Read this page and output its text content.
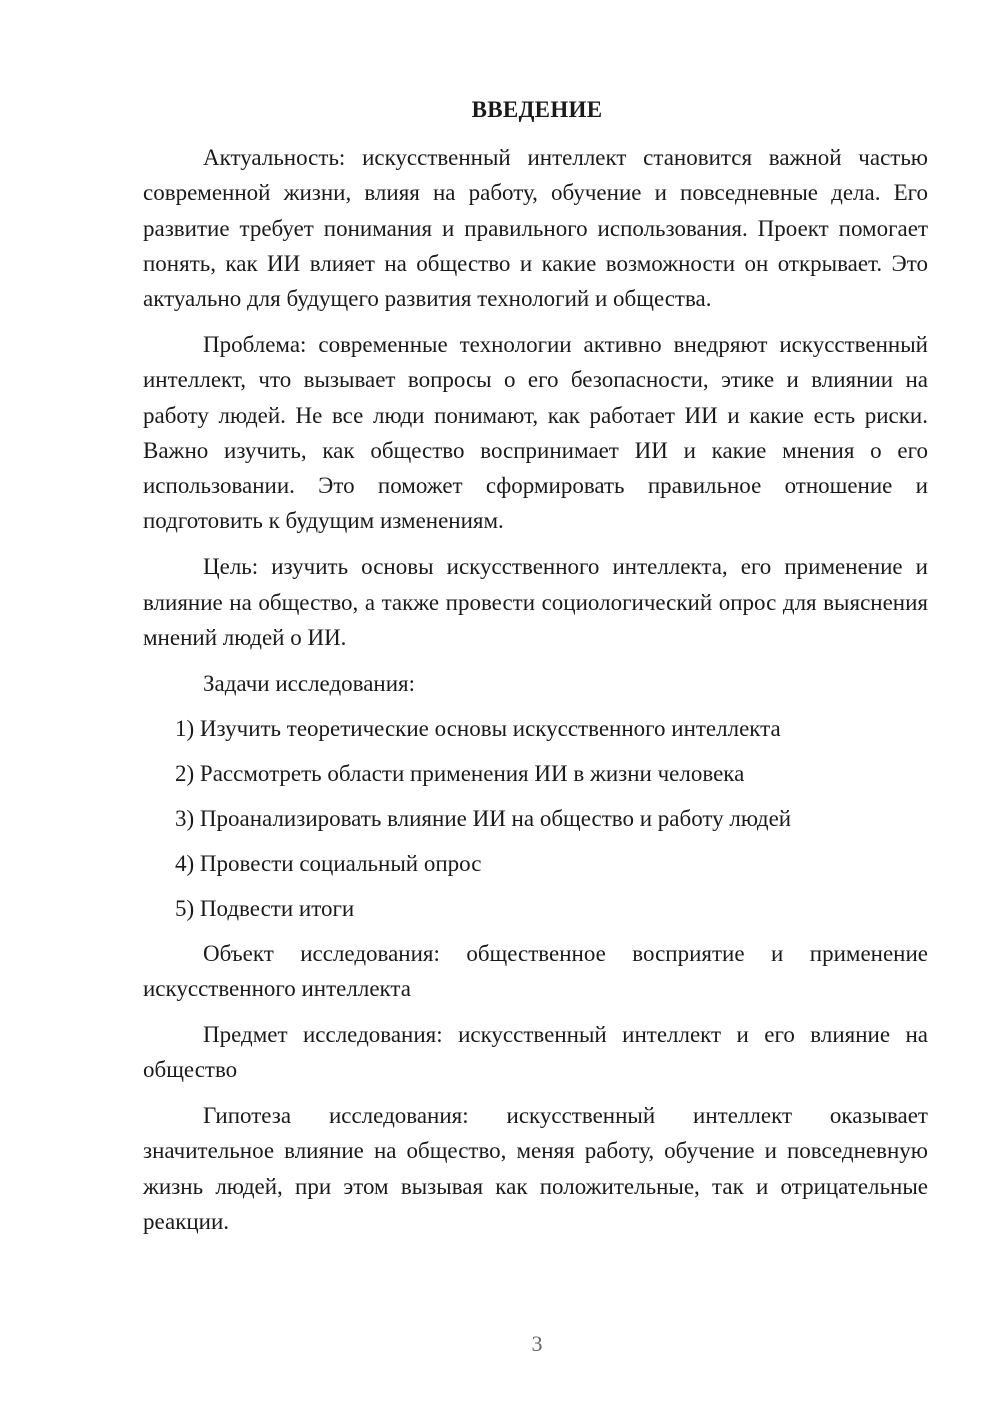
ВВЕДЕНИЕ

Актуальность: искусственный интеллект становится важной частью современной жизни, влияя на работу, обучение и повседневные дела. Его развитие требует понимания и правильного использования. Проект помогает понять, как ИИ влияет на общество и какие возможности он открывает. Это актуально для будущего развития технологий и общества.

Проблема: современные технологии активно внедряют искусственный интеллект, что вызывает вопросы о его безопасности, этике и влиянии на работу людей. Не все люди понимают, как работает ИИ и какие есть риски. Важно изучить, как общество воспринимает ИИ и какие мнения о его использовании. Это поможет сформировать правильное отношение и подготовить к будущим изменениям.

Цель: изучить основы искусственного интеллекта, его применение и влияние на общество, а также провести социологический опрос для выяснения мнений людей о ИИ.

Задачи исследования:

1) Изучить теоретические основы искусственного интеллекта

2) Рассмотреть области применения ИИ в жизни человека

3) Проанализировать влияние ИИ на общество и работу людей

4) Провести социальный опрос

5) Подвести итоги

Объект исследования: общественное восприятие и применение искусственного интеллекта

Предмет исследования: искусственный интеллект и его влияние на общество

Гипотеза исследования: искусственный интеллект оказывает значительное влияние на общество, меняя работу, обучение и повседневную жизнь людей, при этом вызывая как положительные, так и отрицательные реакции.

3
